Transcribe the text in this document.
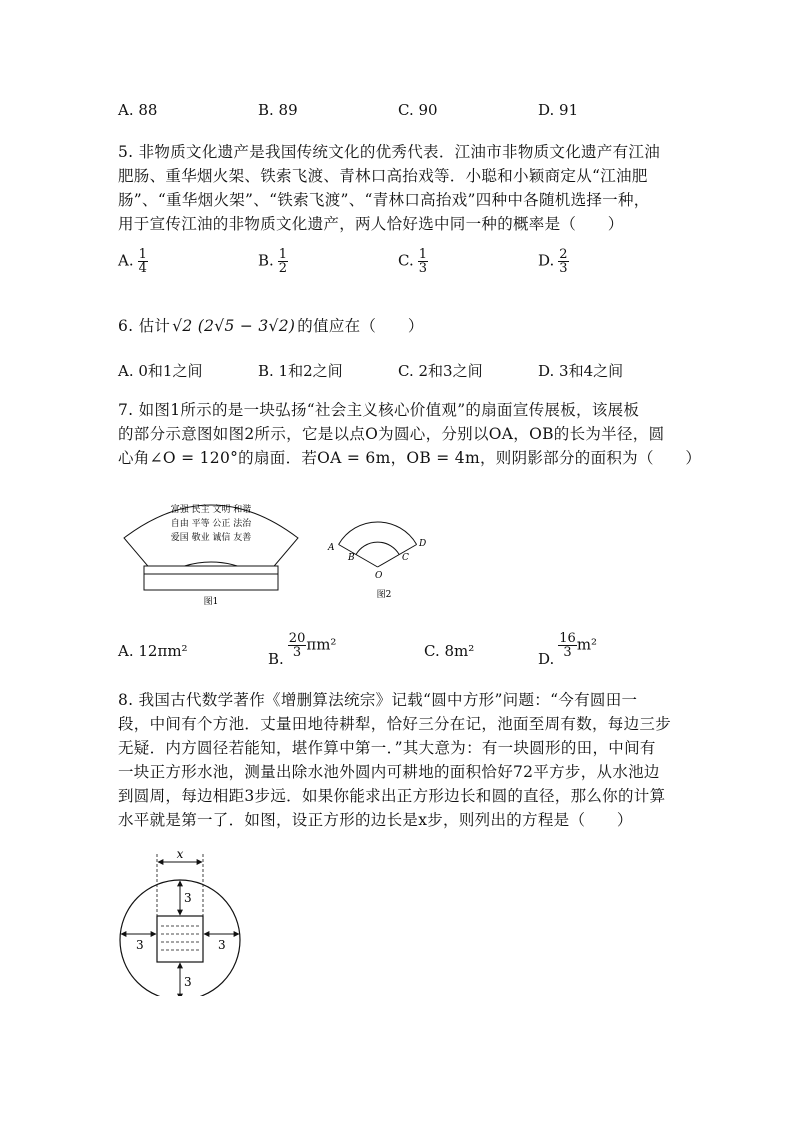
A. 88	B. 89	C. 90	D. 91
5. 非物质文化遗产是我国传统文化的优秀代表．江油市非物质文化遗产有江油
肥肠、重华烟火架、铁索飞渡、青林口高抬戏等．小聪和小颖商定从“江油肥
肠”、“重华烟火架”、“铁索飞渡”、“青林口高抬戏”四种中各随机选择一种，
用于宣传江油的非物质文化遗产，两人恰好选中同一种的概率是（　　）
A. $\frac{1}{4}$	B. $\frac{1}{2}$	C. $\frac{1}{3}$	D. $\frac{2}{3}$
6. 估计 √2 (2√5 − 3√2) 的值应在（　　）
A. 0和1之间	B. 1和2之间	C. 2和3之间	D. 3和4之间
7. 如图1所示的是一块弘扬“社会主义核心价值观”的扇面宣传展板，该展板
的部分示意图如图2所示，它是以点O为圆心，分别以OA，OB的长为半径，圆
心角∠O = 120°的扇面．若OA = 6m，OB = 4m，则阴影部分的面积为（　　）
富强 民主 文明 和谐
自由 平等 公正 法治
爱国 敬业 诚信 友善
图1
A
B	C
D
O
图2
A. 12πm²	B. $\frac{20}{3} \pi m^2$	C. 8m²	D. $\frac{16}{3} m^2$
8. 我国古代数学著作《增删算法统宗》记载“圆中方形”问题：“今有圆田一
段，中间有个方池．丈量田地待耕犁，恰好三分在记，池面至周有数，每边三步
无疑．内方圆径若能知，堪作算中第一．”其大意为：有一块圆形的田，中间有
一块正方形水池，测量出除水池外圆内可耕地的面积恰好72平方步，从水池边
到圆周，每边相距3步远．如果你能求出正方形边长和圆的直径，那么你的计算
水平就是第一了．如图，设正方形的边长是x步，则列出的方程是（　　）
x
3
3
3	3
